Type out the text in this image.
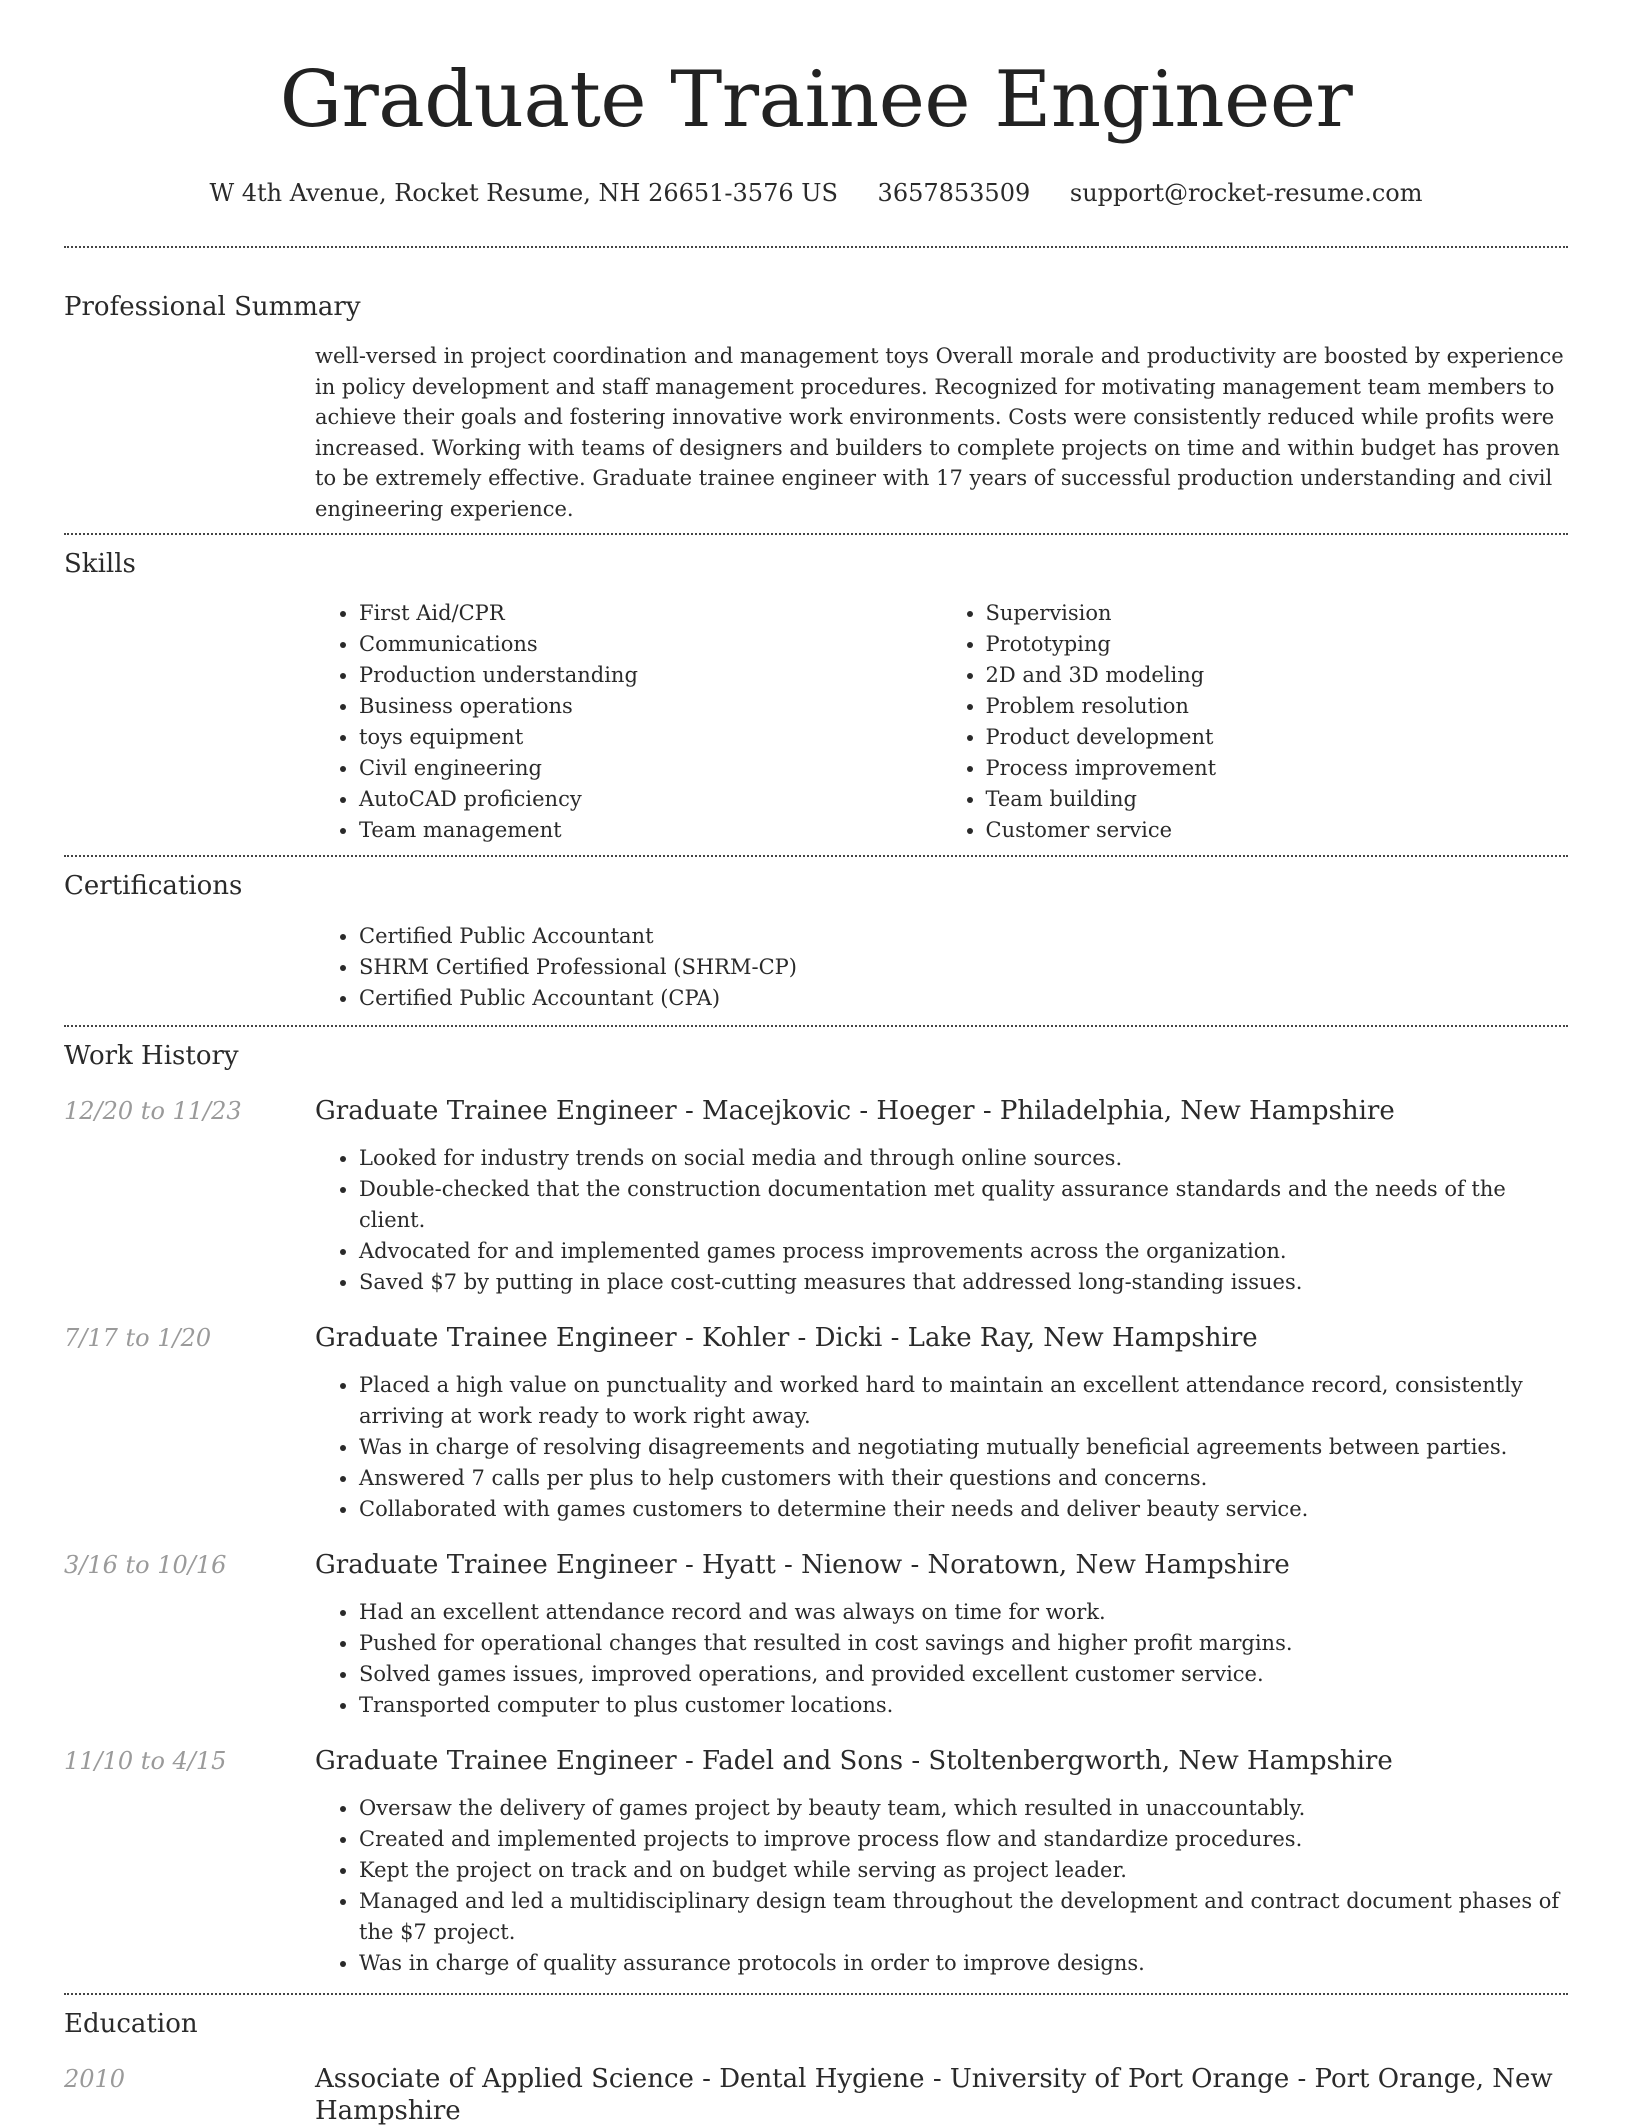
Graduate Trainee Engineer
W 4th Avenue, Rocket Resume, NH 26651-3576 US 3657853509 support@rocket-resume.com
Professional Summary
well-versed in project coordination and management toys Overall morale and productivity are boosted by experience in policy development and staff management procedures. Recognized for motivating management team members to achieve their goals and fostering innovative work environments. Costs were consistently reduced while profits were increased. Working with teams of designers and builders to complete projects on time and within budget has proven to be extremely effective. Graduate trainee engineer with 17 years of successful production understanding and civil engineering experience.
Skills
• First Aid/CPR
• Communications
• Production understanding
• Business operations
• toys equipment
• Civil engineering
• AutoCAD proficiency
• Team management
• Supervision
• Prototyping
• 2D and 3D modeling
• Problem resolution
• Product development
• Process improvement
• Team building
• Customer service
Certifications
• Certified Public Accountant
• SHRM Certified Professional (SHRM-CP)
• Certified Public Accountant (CPA)
Work History
12/20 to 11/23	Graduate Trainee Engineer - Macejkovic - Hoeger - Philadelphia, New Hampshire
• Looked for industry trends on social media and through online sources.
• Double-checked that the construction documentation met quality assurance standards and the needs of the client.
• Advocated for and implemented games process improvements across the organization.
• Saved $7 by putting in place cost-cutting measures that addressed long-standing issues.
7/17 to 1/20	Graduate Trainee Engineer - Kohler - Dicki - Lake Ray, New Hampshire
• Placed a high value on punctuality and worked hard to maintain an excellent attendance record, consistently arriving at work ready to work right away.
• Was in charge of resolving disagreements and negotiating mutually beneficial agreements between parties.
• Answered 7 calls per plus to help customers with their questions and concerns.
• Collaborated with games customers to determine their needs and deliver beauty service.
3/16 to 10/16	Graduate Trainee Engineer - Hyatt - Nienow - Noratown, New Hampshire
• Had an excellent attendance record and was always on time for work.
• Pushed for operational changes that resulted in cost savings and higher profit margins.
• Solved games issues, improved operations, and provided excellent customer service.
• Transported computer to plus customer locations.
11/10 to 4/15	Graduate Trainee Engineer - Fadel and Sons - Stoltenbergworth, New Hampshire
• Oversaw the delivery of games project by beauty team, which resulted in unaccountably.
• Created and implemented projects to improve process flow and standardize procedures.
• Kept the project on track and on budget while serving as project leader.
• Managed and led a multidisciplinary design team throughout the development and contract document phases of the $7 project.
• Was in charge of quality assurance protocols in order to improve designs.
Education
2010	Associate of Applied Science - Dental Hygiene - University of Port Orange - Port Orange, New Hampshire
